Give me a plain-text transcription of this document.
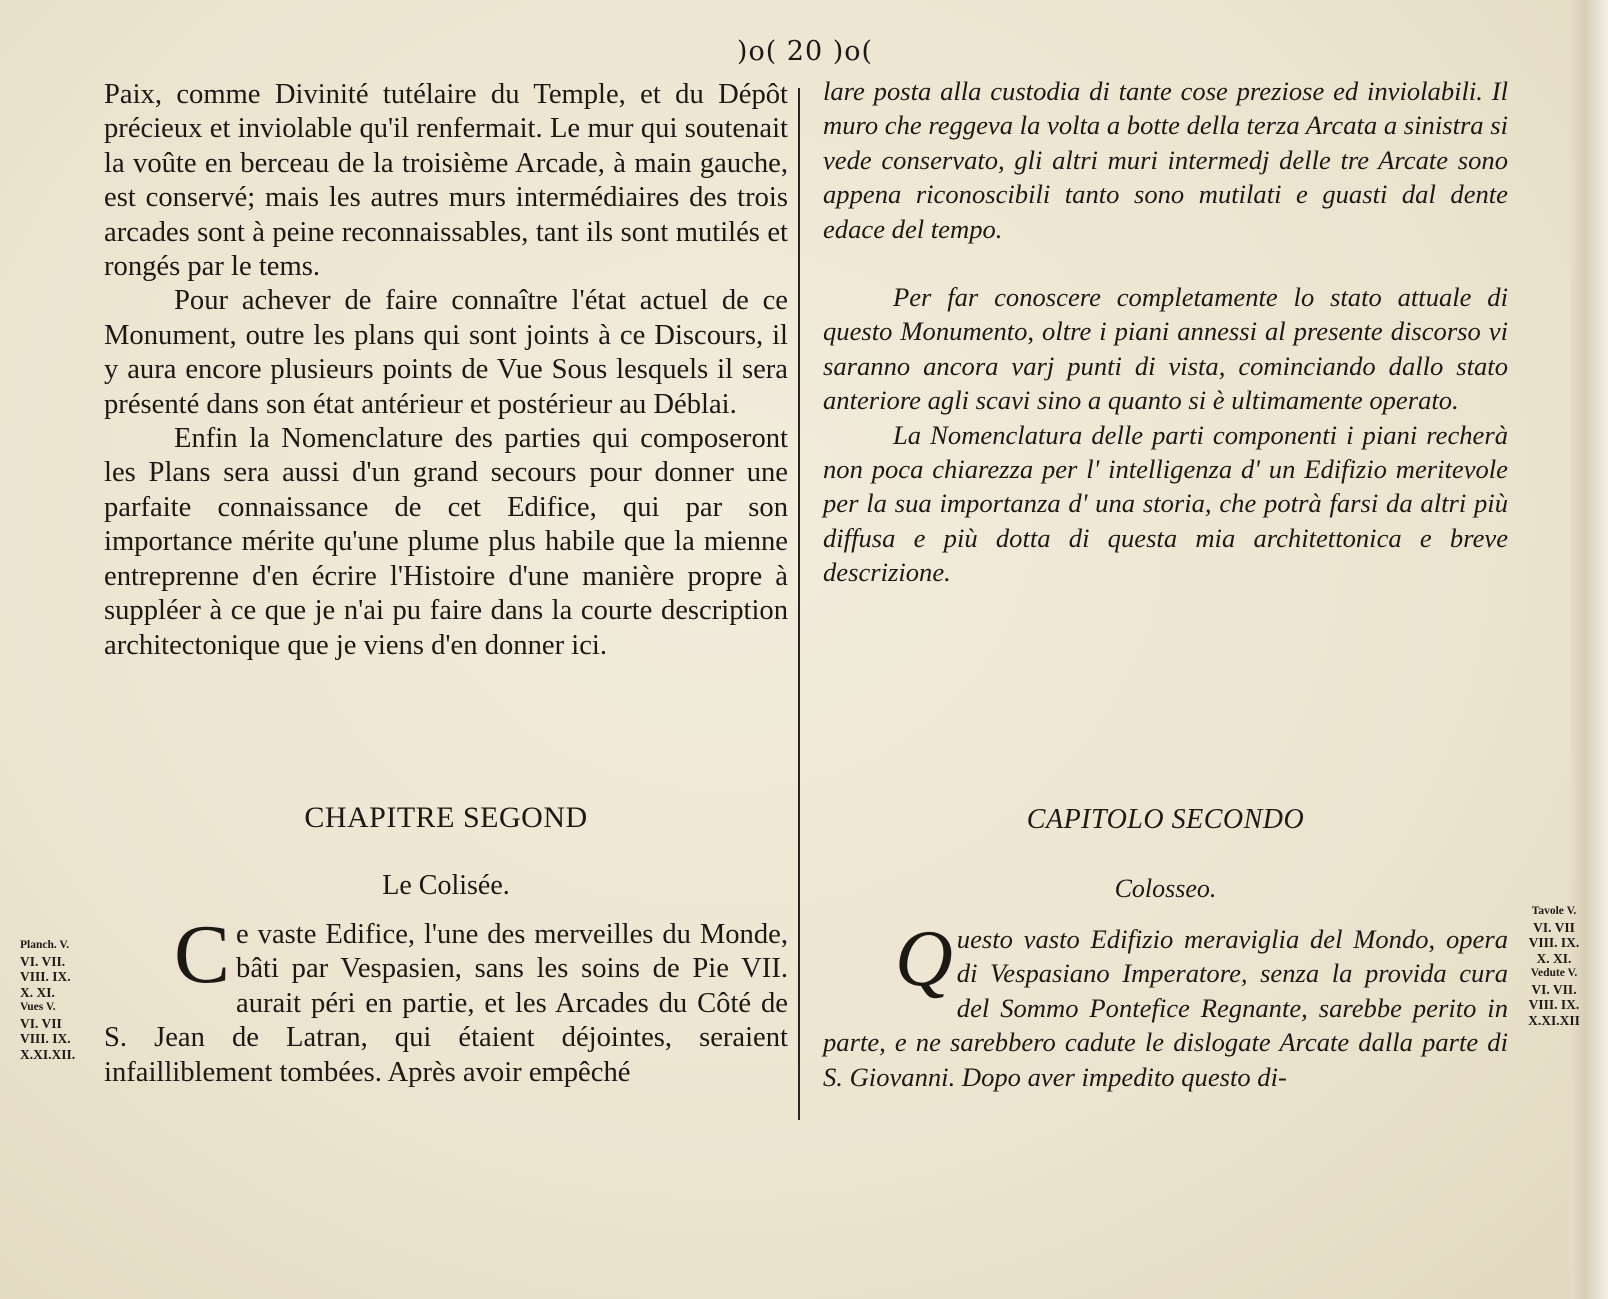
)o( 20 )o(

Paix, comme Divinité tutélaire du Temple, et du Dépôt précieux et inviolable qu'il renfermait. Le mur qui soutenait la voûte en berceau de la troisième Arcade, à main gauche, est conservé; mais les autres murs intermédiaires des trois arcades sont à peine reconnaissables, tant ils sont mutilés et rongés par le tems.

Pour achever de faire connaître l'état actuel de ce Monument, outre les plans qui sont joints à ce Discours, il y aura encore plusieurs points de Vue Sous lesquels il sera présenté dans son état antérieur et postérieur au Déblai.

Enfin la Nomenclature des parties qui composeront les Plans sera aussi d'un grand secours pour donner une parfaite connaissance de cet Edifice, qui par son importance mérite qu'une plume plus habile que la mienne entreprenne d'en écrire l'Histoire d'une manière propre à suppléer à ce que je n'ai pu faire dans la courte description architectonique que je viens d'en donner ici.

CHAPITRE SEGOND
Le Colisée.
C e vaste Edifice, l'une des merveilles du Monde, bâti par Vespasien, sans les soins de Pie VII. aurait péri en partie, et les Arcades du Côté de S. Jean de Latran, qui étaient déjointes, seraient infailliblement tombées. Après avoir empêché

lare posta alla custodia di tante cose preziose ed inviolabili. Il muro che reggeva la volta a botte della terza Arcata a sinistra si vede conservato, gli altri muri intermedj delle tre Arcate sono appena riconoscibili tanto sono mutilati e guasti dal dente edace del tempo.

Per far conoscere completamente lo stato attuale di questo Monumento, oltre i piani annessi al presente discorso vi saranno ancora varj punti di vista, cominciando dallo stato anteriore agli scavi sino a quanto si è ultimamente operato.

La Nomenclatura delle parti componenti i piani recherà non poca chiarezza per l' intelligenza d' un Edifizio meritevole per la sua importanza d' una storia, che potrà farsi da altri più diffusa e più dotta di questa mia architettonica e breve descrizione.

CAPITOLO SECONDO
Colosseo.
Q uesto vasto Edifizio meraviglia del Mondo, opera di Vespasiano Imperatore, senza la provida cura del Sommo Pontefice Regnante, sarebbe perito in parte, e ne sarebbero cadute le dislogate Arcate dalla parte di S. Giovanni. Dopo aver impedito questo di-
Planch. V.
VI. VII.
VIII. IX.
X. XI.
Vues V.
VI. VII
VIII. IX.
X.XI.XII.
Tavole V.
VI. VII
VIII. IX.
X. XI.
Vedute V.
VI. VII.
VIII. IX.
X.XI.XII
